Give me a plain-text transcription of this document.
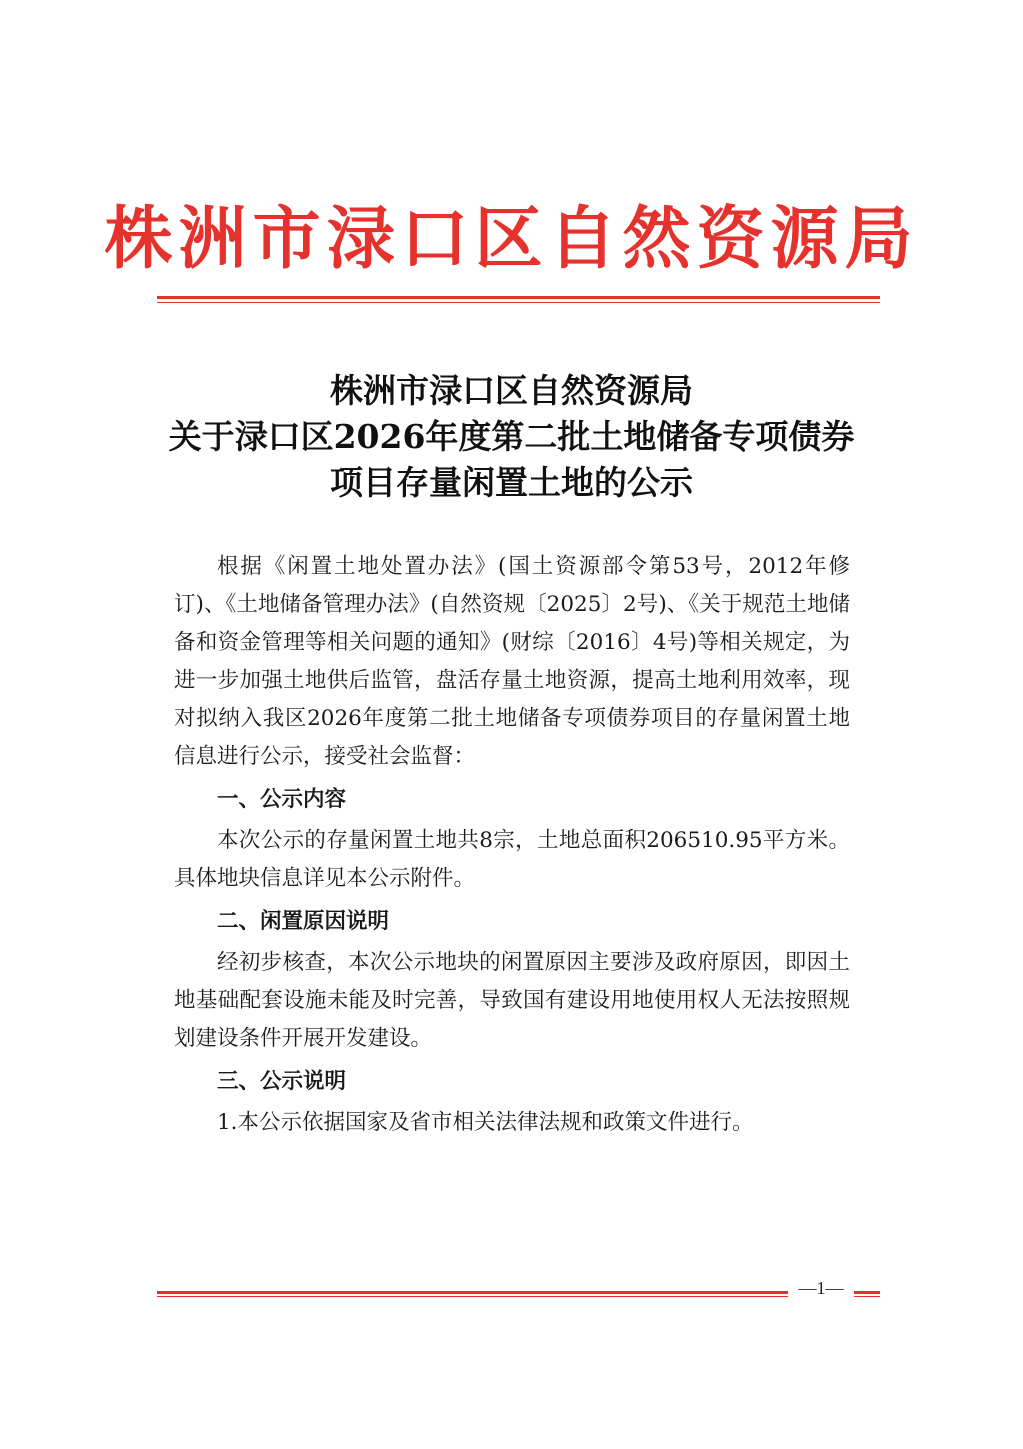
株洲市渌口区自然资源局
株洲市渌口区自然资源局
关于渌口区2026年度第二批土地储备专项债券
项目存量闲置土地的公示

根据《闲置土地处置办法》(国土资源部令第53号，2012年修订)、《土地储备管理办法》(自然资规〔2025〕2号)、《关于规范土地储备和资金管理等相关问题的通知》(财综〔2016〕4号)等相关规定，为进一步加强土地供后监管，盘活存量土地资源，提高土地利用效率，现对拟纳入我区2026年度第二批土地储备专项债券项目的存量闲置土地信息进行公示，接受社会监督：

一、公示内容

本次公示的存量闲置土地共8宗，土地总面积206510.95平方米。具体地块信息详见本公示附件。

二、闲置原因说明

经初步核查，本次公示地块的闲置原因主要涉及政府原因，即因土地基础配套设施未能及时完善，导致国有建设用地使用权人无法按照规划建设条件开展开发建设。

三、公示说明

1.本公示依据国家及省市相关法律法规和政策文件进行。

—1—
